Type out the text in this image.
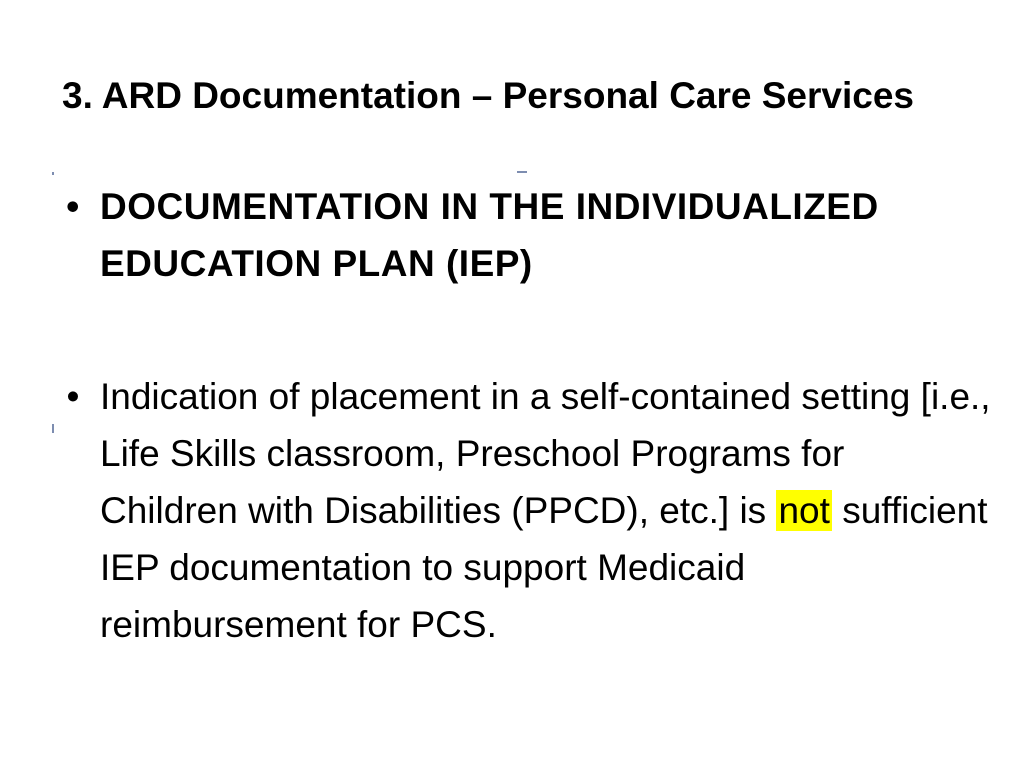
3. ARD Documentation – Personal Care Services
• DOCUMENTATION IN THE INDIVIDUALIZED EDUCATION PLAN (IEP)
• Indication of placement in a self-contained setting [i.e., Life Skills classroom, Preschool Programs for Children with Disabilities (PPCD), etc.] is not sufficient IEP documentation to support Medicaid reimbursement for PCS.
